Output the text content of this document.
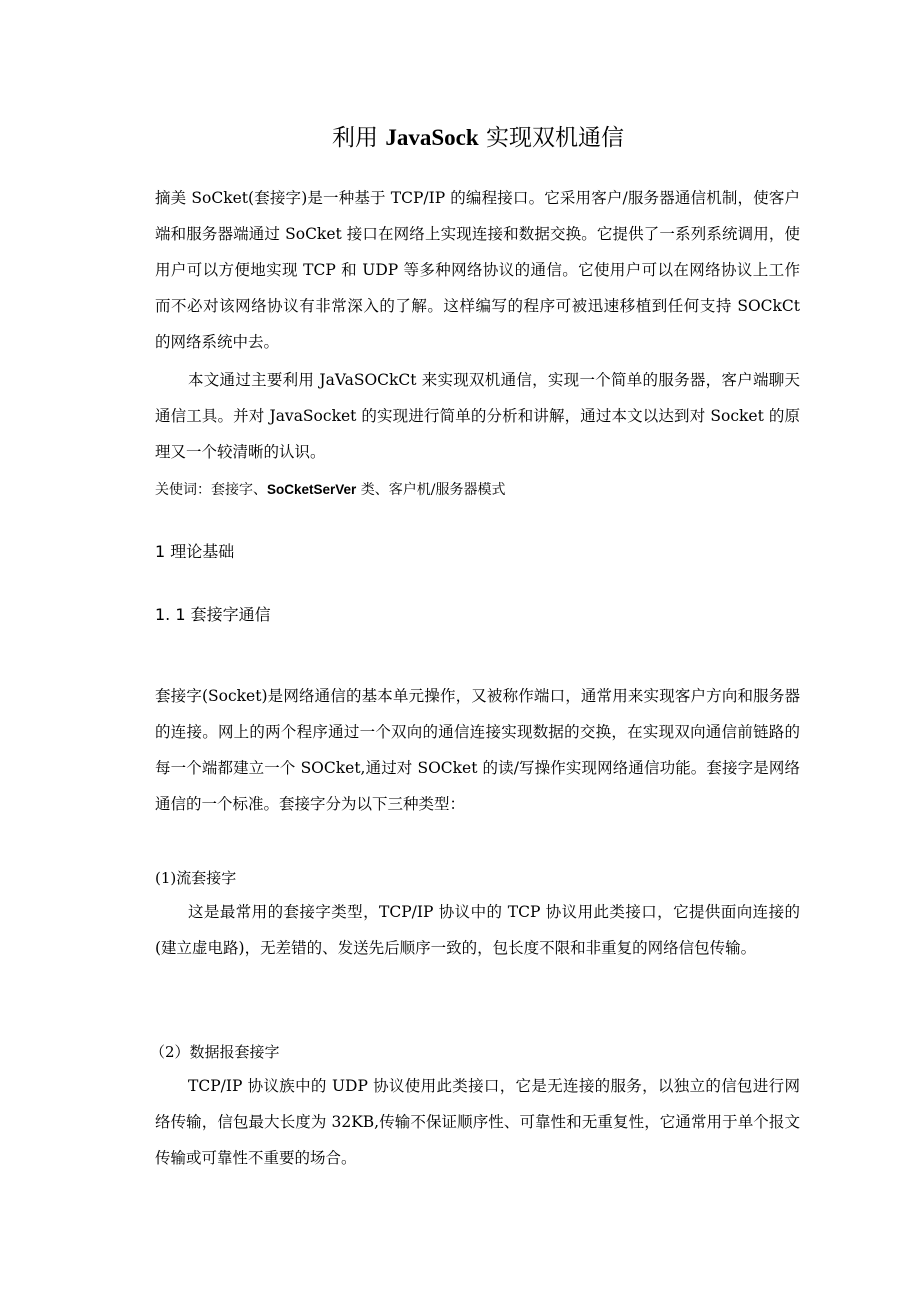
利用 JavaSock 实现双机通信

摘美 SoCket(套接字)是一种基于 TCP/IP 的编程接口。它采用客户/服务器通信机制，使客户端和服务器端通过 SoCket 接口在网络上实现连接和数据交换。它提供了一系列系统调用，使用户可以方便地实现 TCP 和 UDP 等多种网络协议的通信。它使用户可以在网络协议上工作而不必对该网络协议有非常深入的了解。这样编写的程序可被迅速移植到任何支持 SOCkCt 的网络系统中去。

本文通过主要利用 JaVaSOCkCt 来实现双机通信，实现一个简单的服务器，客户端聊天通信工具。并对 JavaSocket 的实现进行简单的分析和讲解，通过本文以达到对 Socket 的原理又一个较清晰的认识。

关使词：套接字、SoCketSerVer 类、客户机/服务器模式
1 理论基础
1. 1 套接字通信

套接字(Socket)是网络通信的基本单元操作，又被称作端口，通常用来实现客户方向和服务器的连接。网上的两个程序通过一个双向的通信连接实现数据的交换，在实现双向通信前链路的每一个端都建立一个 SOCket,通过对 SOCket 的读/写操作实现网络通信功能。套接字是网络通信的一个标准。套接字分为以下三种类型：

(1)流套接字

这是最常用的套接字类型，TCP/IP 协议中的 TCP 协议用此类接口，它提供面向连接的(建立虚电路)，无差错的、发送先后顺序一致的，包长度不限和非重复的网络信包传输。

（2）数据报套接字

TCP/IP 协议族中的 UDP 协议使用此类接口，它是无连接的服务，以独立的信包进行网络传输，信包最大长度为 32KB,传输不保证顺序性、可靠性和无重复性，它通常用于单个报文传输或可靠性不重要的场合。
